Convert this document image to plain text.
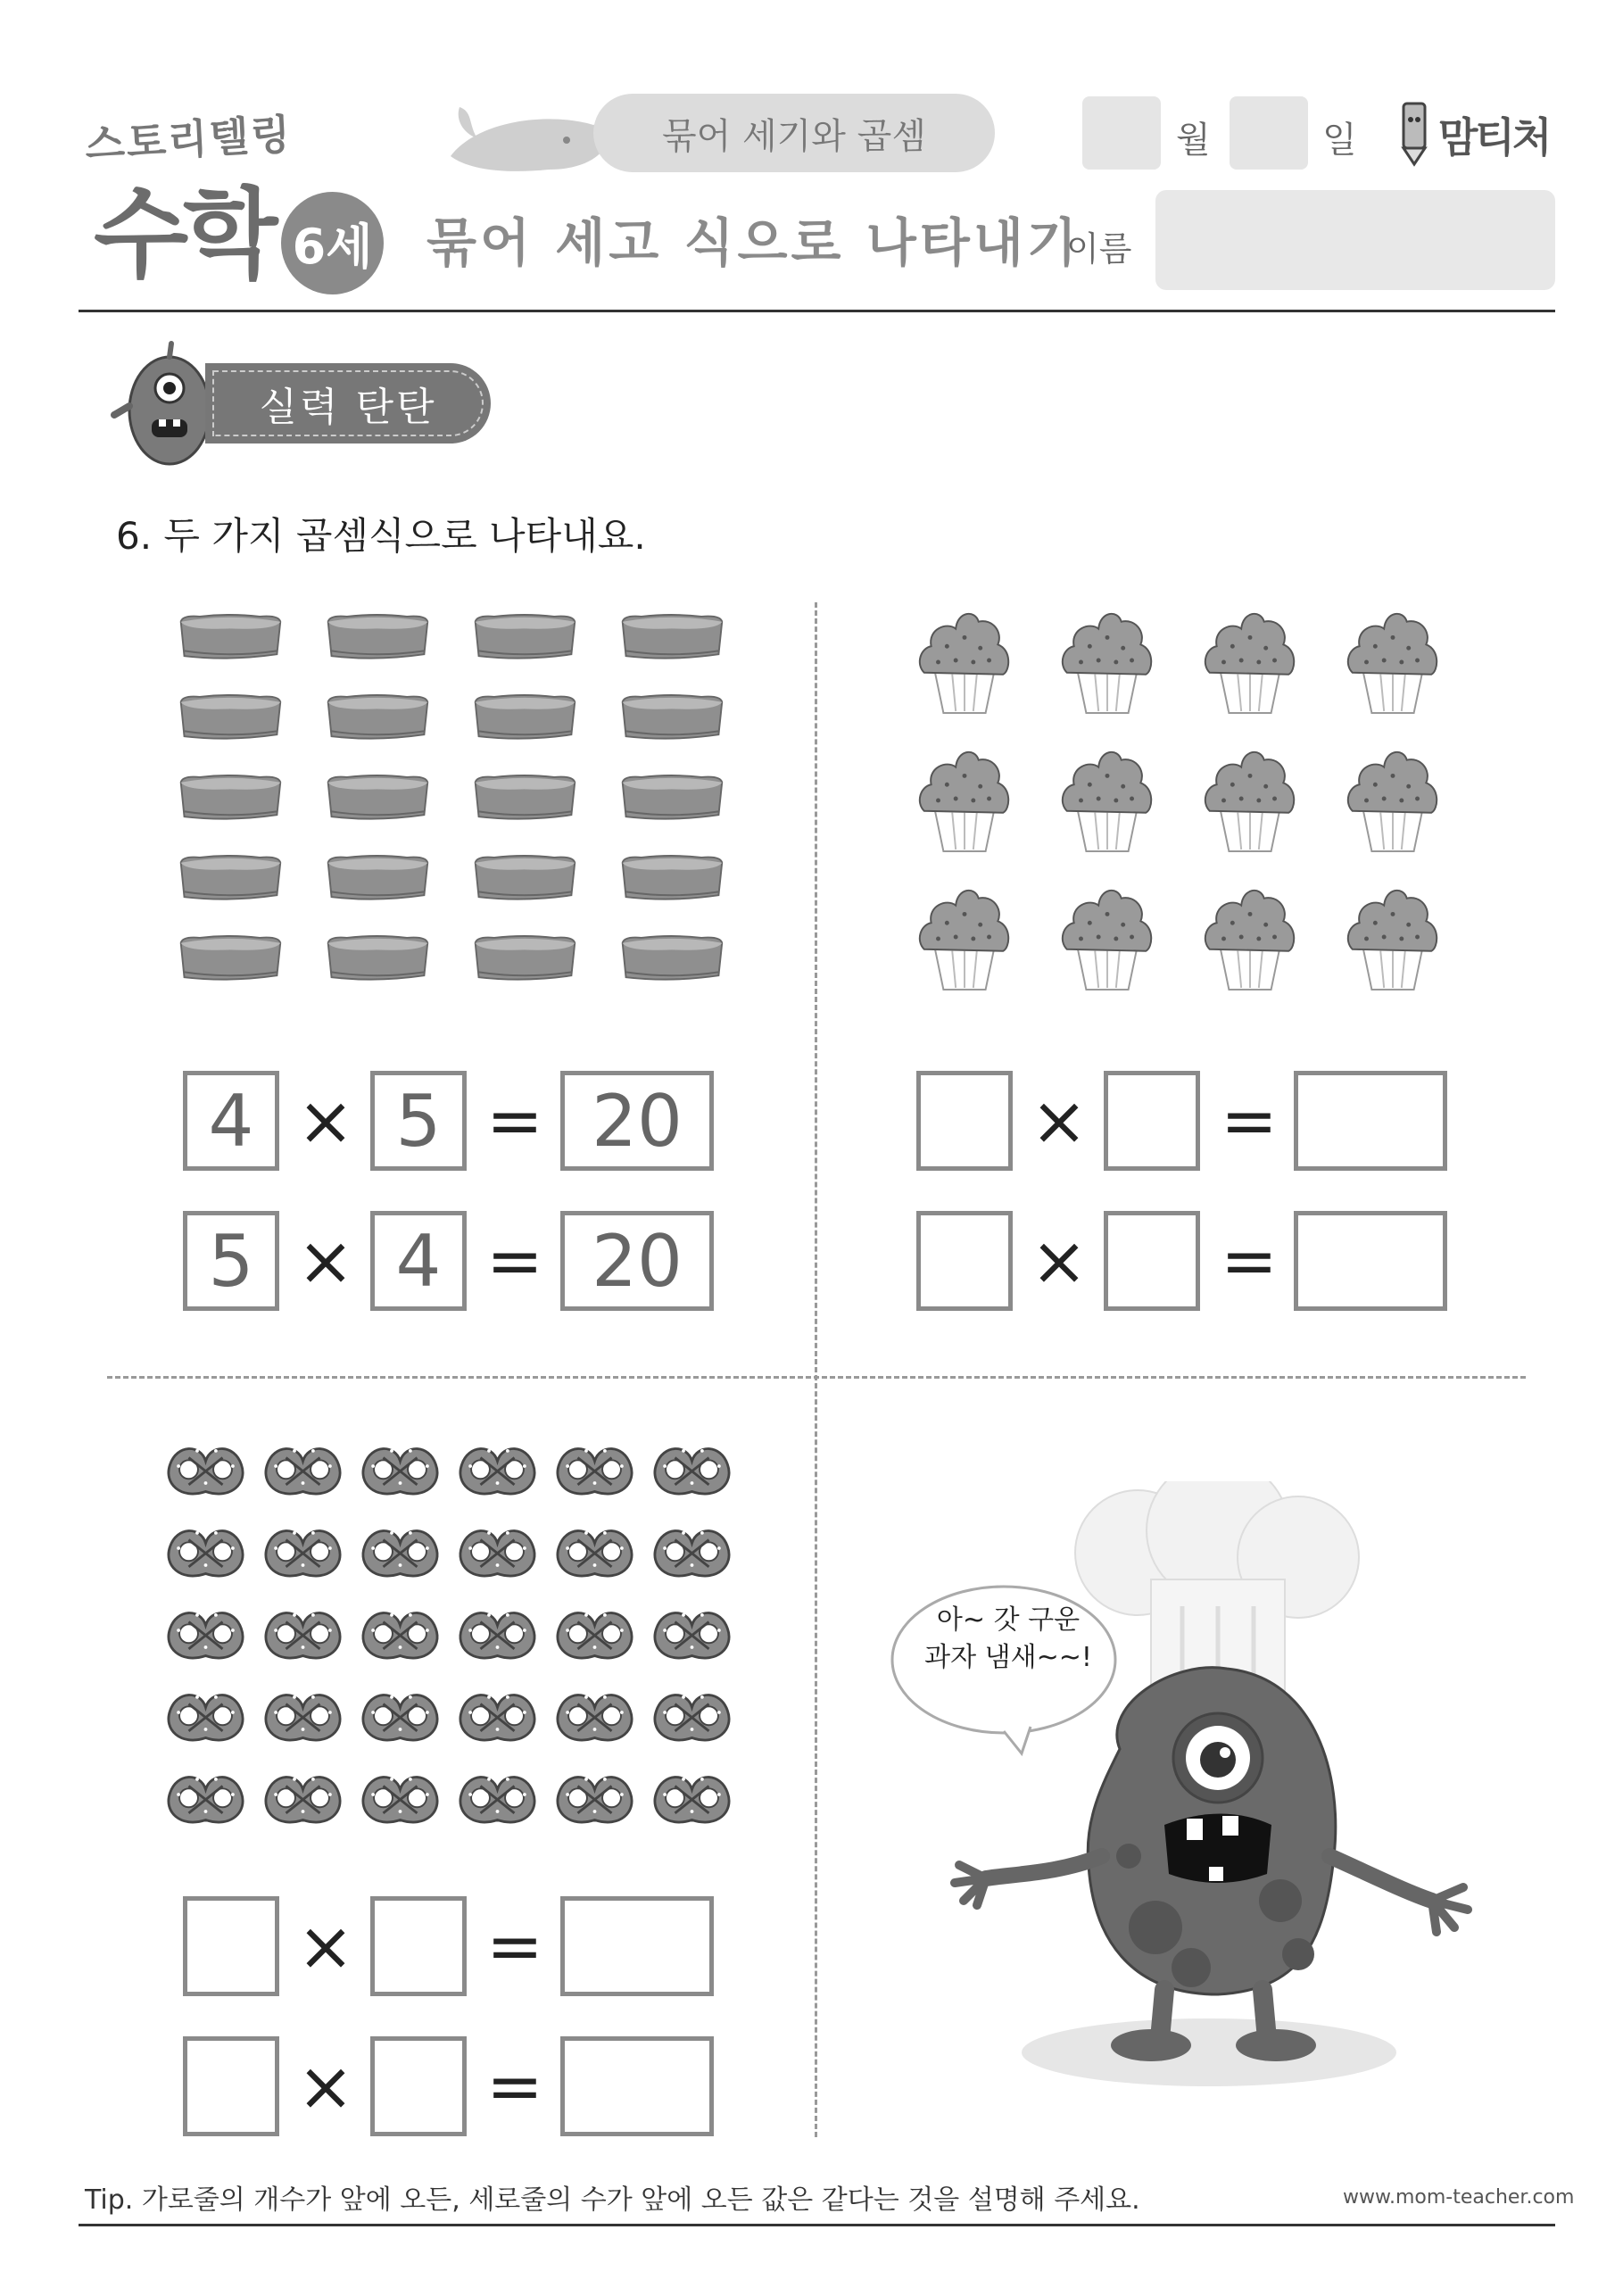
스토리텔링
수학 6세
묶어 세기와 곱셈
묶어 세고 식으로 나타내기
월	일 맘티처
이름
실력 탄탄
6. 두 가지 곱셈식으로 나타내요.
4 × 5 = 20
5 × 4 = 20
× =
× =
× =
× =
아~ 갓 구운
과자 냄새~~!
Tip. 가로줄의 개수가 앞에 오든, 세로줄의 수가 앞에 오든 값은 같다는 것을 설명해 주세요.	www.mom-teacher.com
